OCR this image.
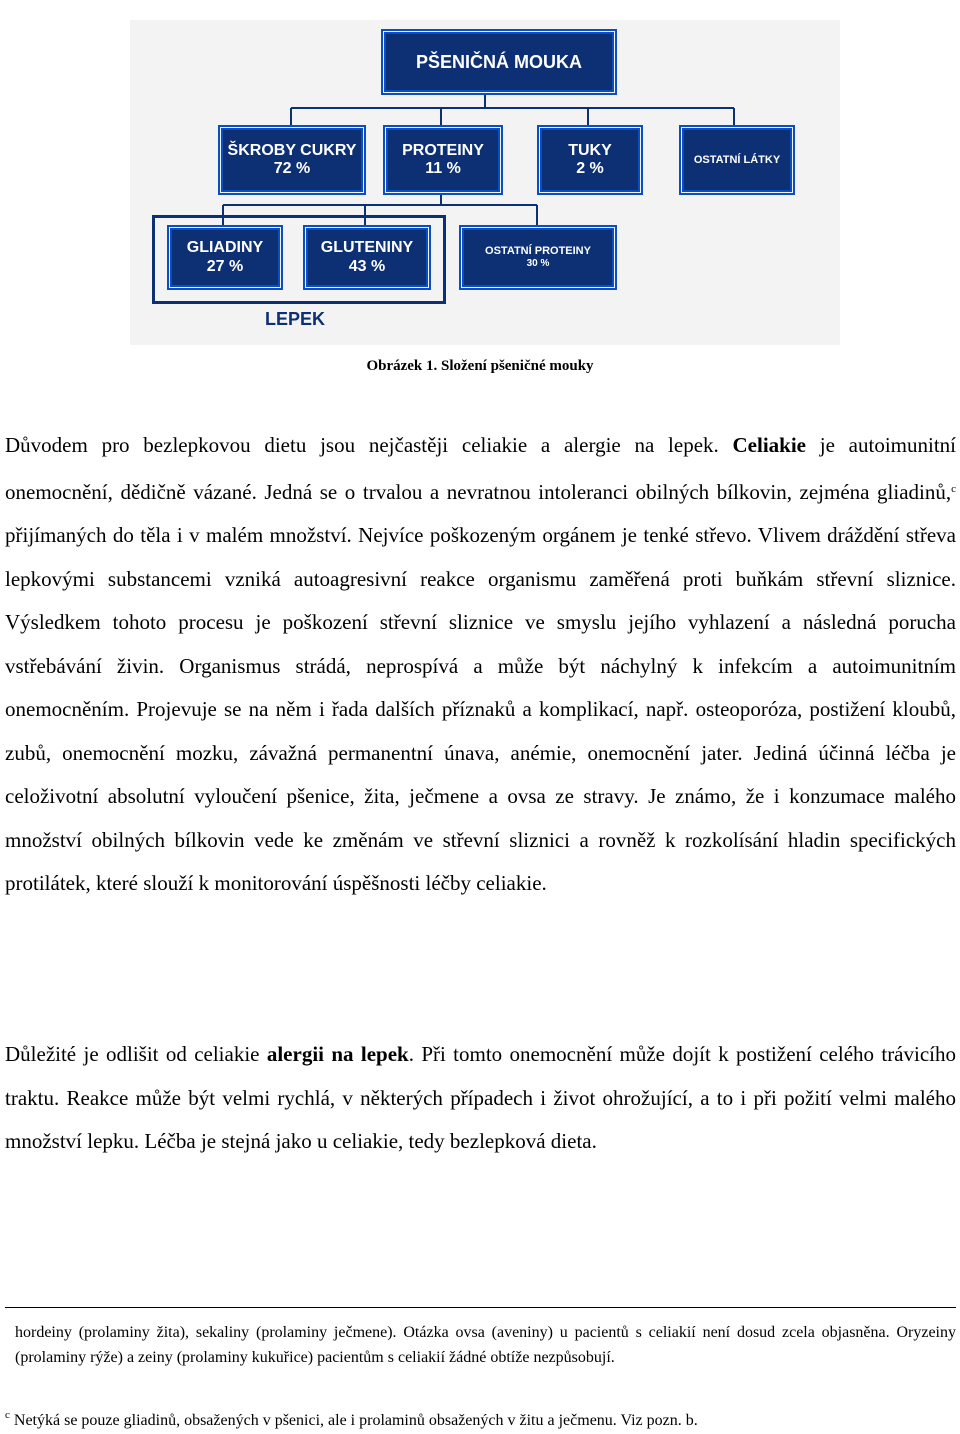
PŠENIČNÁ MOUKA
ŠKROBY CUKRY
72 %
PROTEINY
11 %
TUKY
2 %
OSTATNÍ LÁTKY
GLIADINY
27 %
GLUTENINY
43 %
OSTATNÍ PROTEINY
30 %
LEPEK
Obrázek 1. Složení pšeničné mouky

Důvodem pro bezlepkovou dietu jsou nejčastěji celiakie a alergie na lepek. Celiakie je autoimunitní onemocnění, dědičně vázané. Jedná se o trvalou a nevratnou intoleranci obilných bílkovin, zejména gliadinů,$^c$ přijímaných do těla i v malém množství. Nejvíce poškozeným orgánem je tenké střevo. Vlivem dráždění střeva lepkovými substancemi vzniká autoagresivní reakce organismu zaměřená proti buňkám střevní sliznice. Výsledkem tohoto procesu je poškození střevní sliznice ve smyslu jejího vyhlazení a následná porucha vstřebávání živin. Organismus strádá, neprospívá a může být náchylný k infekcím a autoimunitním onemocněním. Projevuje se na něm i řada dalších příznaků a komplikací, např. osteoporóza, postižení kloubů, zubů, onemocnění mozku, závažná permanentní únava, anémie, onemocnění jater. Jediná účinná léčba je celoživotní absolutní vyloučení pšenice, žita, ječmene a ovsa ze stravy. Je známo, že i konzumace malého množství obilných bílkovin vede ke změnám ve střevní sliznici a rovněž k rozkolísání hladin specifických protilátek, které slouží k monitorování úspěšnosti léčby celiakie.

Důležité je odlišit od celiakie alergii na lepek. Při tomto onemocnění může dojít k postižení celého trávicího traktu. Reakce může být velmi rychlá, v některých případech i život ohrožující, a to i při požití velmi malého množství lepku. Léčba je stejná jako u celiakie, tedy bezlepková dieta.

hordeiny (prolaminy žita), sekaliny (prolaminy ječmene). Otázka ovsa (aveniny) u pacientů s celiakií není dosud zcela objasněna. Oryzeiny (prolaminy rýže) a zeiny (prolaminy kukuřice) pacientům s celiakií žádné obtíže nezpůsobují.

$^c$ Netýká se pouze gliadinů, obsažených v pšenici, ale i prolaminů obsažených v žitu a ječmenu. Viz pozn. b.
